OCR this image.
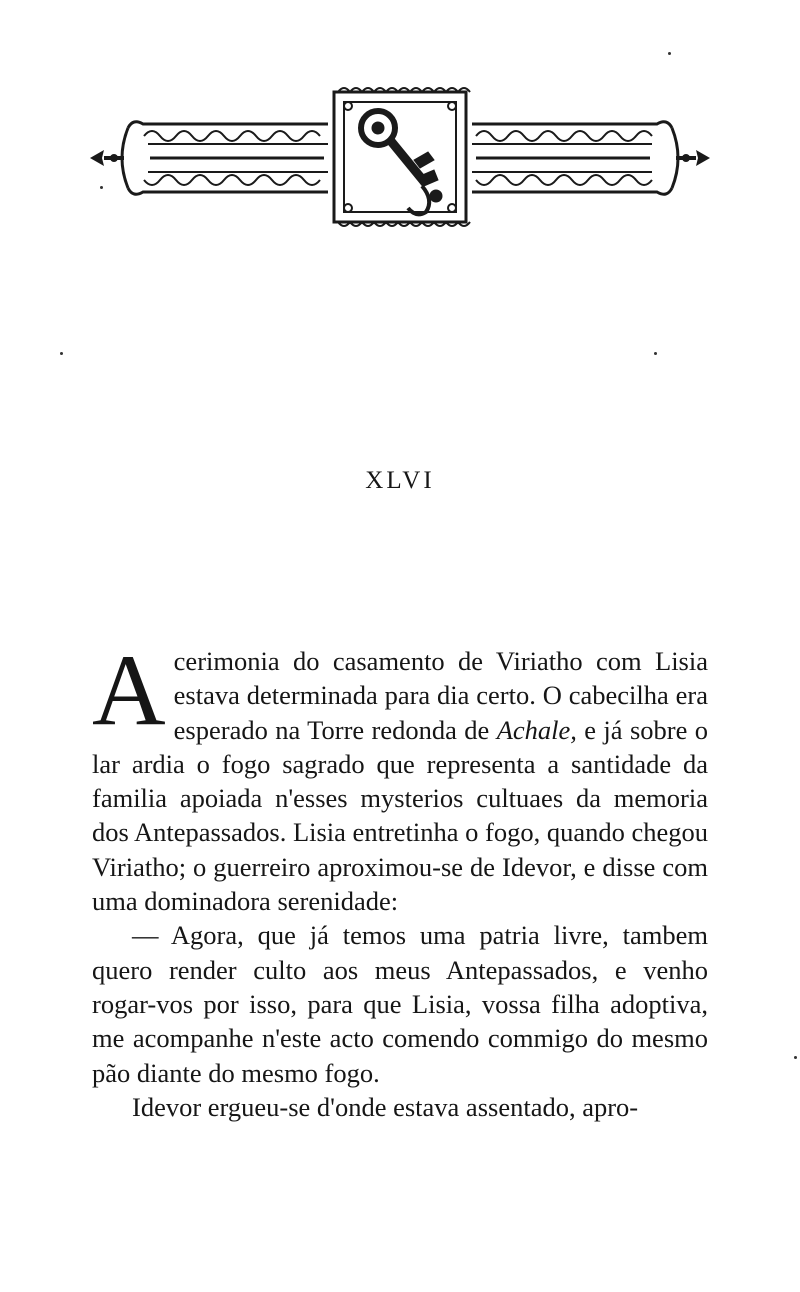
XLVI

Acerimonia do casamento de Viriatho com Lisia estava determinada para dia certo. O cabecilha era esperado na Torre redonda de Achale, e já sobre o lar ardia o fogo sagrado que representa a santidade da familia apoiada n'esses mysterios cultuaes da memoria dos Antepassados. Lisia entretinha o fogo, quando chegou Viriatho; o guerreiro aproximou-se de Idevor, e disse com uma dominadora serenidade:

— Agora, que já temos uma patria livre, tambem quero render culto aos meus Antepassados, e venho rogar-vos por isso, para que Lisia, vossa filha adoptiva, me acompanhe n'este acto comendo commigo do mesmo pão diante do mesmo fogo.

Idevor ergueu-se d'onde estava assentado, apro-
